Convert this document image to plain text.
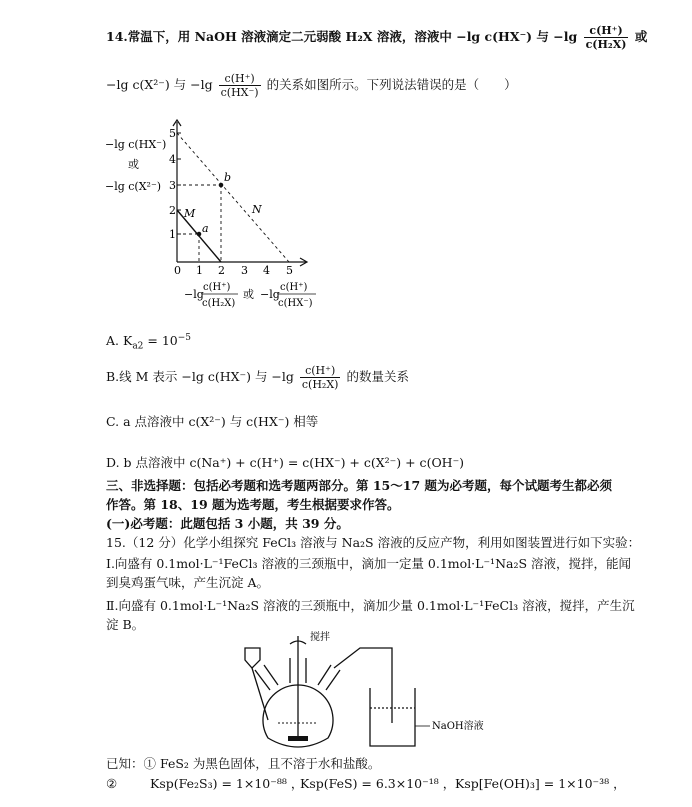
14.常温下，用 NaOH 溶液滴定二元弱酸 H₂X 溶液，溶液中 −lg c(HX⁻) 与 $-\lg \frac{c(H^+)}{\text{c(H₂X)}}$ 或
−lg c(X²⁻) 与 $-\lg \frac{c(H^+)}{c(HX^-)}$ 的关系如图所示。下列说法错误的是（　　）
−lg c(HX⁻)
或
−lg c(X²⁻)
5
4
3
2
1
0 1 2 3 4 5
M	N
a
b
−lg
c(H⁺)
c(H₂X)
或 −lg
c(H⁺)
c(HX⁻)
A. $K_{a2} = 10^{-5}$
B.线 M 表示 −lg c(HX⁻) 与 $-\lg \frac{c(H^+)}{\text{c(H₂X)}}$ 的数量关系
C. a 点溶液中 c(X²⁻) 与 c(HX⁻) 相等
D. b 点溶液中 c(Na⁺) + c(H⁺) = c(HX⁻) + c(X²⁻) + c(OH⁻)
三、非选择题：包括必考题和选考题两部分。第 15～17 题为必考题，每个试题考生都必须
作答。第 18、19 题为选考题，考生根据要求作答。
(一)必考题：此题包括 3 小题，共 39 分。
15.（12 分）化学小组探究 FeCl₃ 溶液与 Na₂S 溶液的反应产物，利用如图装置进行如下实验：
Ⅰ.向盛有 0.1mol·L⁻¹FeCl₃ 溶液的三颈瓶中，滴加一定量 0.1mol·L⁻¹Na₂S 溶液，搅拌，能闻
到臭鸡蛋气味，产生沉淀 A。
Ⅱ.向盛有 0.1mol·L⁻¹Na₂S 溶液的三颈瓶中，滴加少量 0.1mol·L⁻¹FeCl₃ 溶液，搅拌，产生沉
淀 B。
搅拌
NaOH溶液
已知：① FeS₂ 为黑色固体，且不溶于水和盐酸。
②	Ksp(Fe₂S₃) = 1×10⁻⁸⁸ ，
Ksp(FeS) = 6.3×10⁻¹⁸ ， Ksp[Fe(OH)₃] = 1×10⁻³⁸ ，
